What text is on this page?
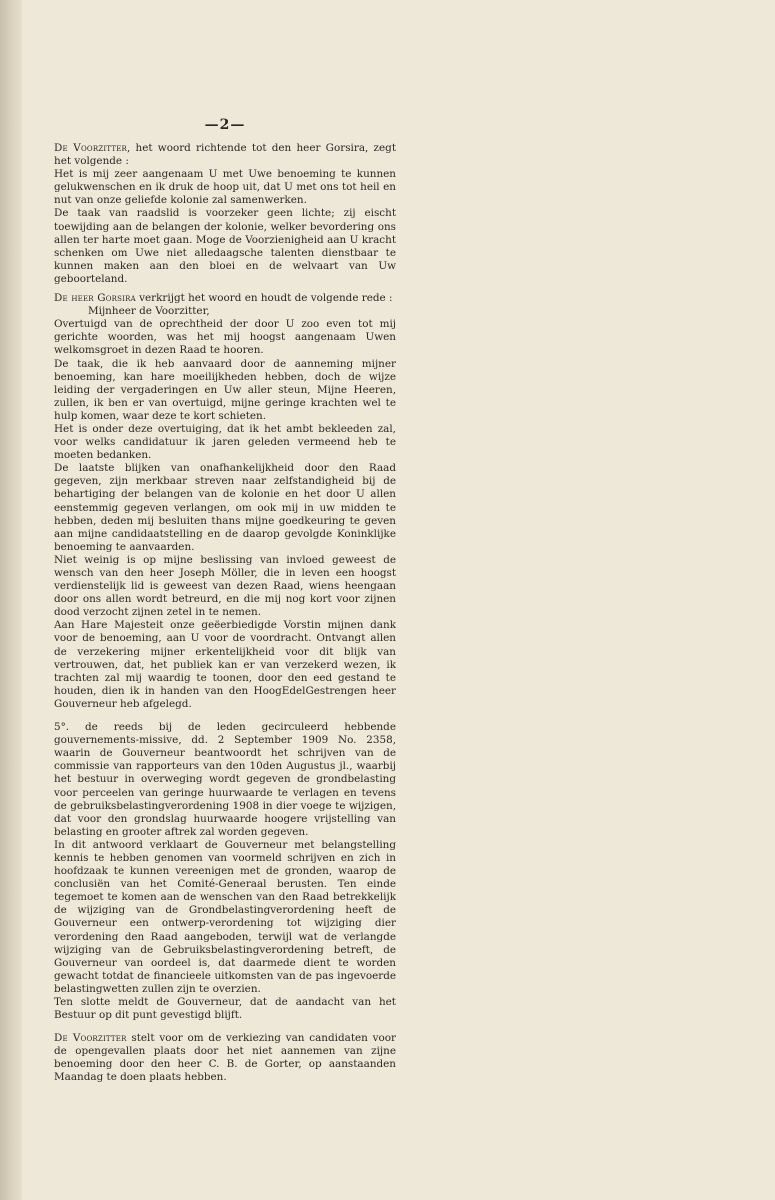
—2—

De Voorzitter, het woord richtende tot den heer Gorsira, zegt het volgende :

Het is mij zeer aangenaam U met Uwe benoeming te kunnen gelukwenschen en ik druk de hoop uit, dat U met ons tot heil en nut van onze geliefde kolonie zal samenwerken.

De taak van raadslid is voorzeker geen lichte; zij eischt toewijding aan de belangen der kolonie, welker bevordering ons allen ter harte moet gaan. Moge de Voorzienigheid aan U kracht schenken om Uwe niet alledaagsche talenten dienstbaar te kunnen maken aan den bloei en de welvaart van Uw geboorteland.

De heer Gorsira verkrijgt het woord en houdt de volgende rede :

Mijnheer de Voorzitter,

Overtuigd van de oprechtheid der door U zoo even tot mij gerichte woorden, was het mij hoogst aangenaam Uwen welkomsgroet in dezen Raad te hooren.

De taak, die ik heb aanvaard door de aanneming mijner benoeming, kan hare moeilijkheden hebben, doch de wijze leiding der vergaderingen en Uw aller steun, Mijne Heeren, zullen, ik ben er van overtuigd, mijne geringe krachten wel te hulp komen, waar deze te kort schieten.

Het is onder deze overtuiging, dat ik het ambt bekleeden zal, voor welks candidatuur ik jaren geleden vermeend heb te moeten bedanken.

De laatste blijken van onafhankelijkheid door den Raad gegeven, zijn merkbaar streven naar zelfstandigheid bij de behartiging der belangen van de kolonie en het door U allen eenstemmig gegeven verlangen, om ook mij in uw midden te hebben, deden mij besluiten thans mijne goedkeuring te geven aan mijne candidaatstelling en de daarop gevolgde Koninklijke benoeming te aanvaarden.

Niet weinig is op mijne beslissing van invloed geweest de wensch van den heer Joseph Möller, die in leven een hoogst verdienstelijk lid is geweest van dezen Raad, wiens heengaan door ons allen wordt betreurd, en die mij nog kort voor zijnen dood verzocht zijnen zetel in te nemen.

Aan Hare Majesteit onze geëerbiedigde Vorstin mijnen dank voor de benoeming, aan U voor de voordracht. Ontvangt allen de verzekering mijner erkentelijkheid voor dit blijk van vertrouwen, dat, het publiek kan er van verzekerd wezen, ik trachten zal mij waardig te toonen, door den eed gestand te houden, dien ik in handen van den HoogEdelGestrengen heer Gouverneur heb afgelegd.

5°. de reeds bij de leden gecirculeerd hebbende gouvernements-missive, dd. 2 September 1909 No. 2358, waarin de Gouverneur beantwoordt het schrijven van de commissie van rapporteurs van den 10den Augustus jl., waarbij het bestuur in overweging wordt gegeven de grondbelasting voor perceelen van geringe huurwaarde te verlagen en tevens de gebruiksbelastingverordening 1908 in dier voege te wijzigen, dat voor den grondslag huurwaarde hoogere vrijstelling van belasting en grooter aftrek zal worden gegeven.

In dit antwoord verklaart de Gouverneur met belangstelling kennis te hebben genomen van voormeld schrijven en zich in hoofdzaak te kunnen vereenigen met de gronden, waarop de conclusiën van het Comité-Generaal berusten. Ten einde tegemoet te komen aan de wenschen van den Raad betrekkelijk de wijziging van de Grondbelastingverordening heeft de Gouverneur een ontwerp-verordening tot wijziging dier verordening den Raad aangeboden, terwijl wat de verlangde wijziging van de Gebruiksbelastingverordening betreft, de Gouverneur van oordeel is, dat daarmede dient te worden gewacht totdat de financieele uitkomsten van de pas ingevoerde belastingwetten zullen zijn te overzien.

Ten slotte meldt de Gouverneur, dat de aandacht van het Bestuur op dit punt gevestigd blijft.

De Voorzitter stelt voor om de verkiezing van candidaten voor de opengevallen plaats door het niet aannemen van zijne benoeming door den heer C. B. de Gorter, op aanstaanden Maandag te doen plaats hebben.
